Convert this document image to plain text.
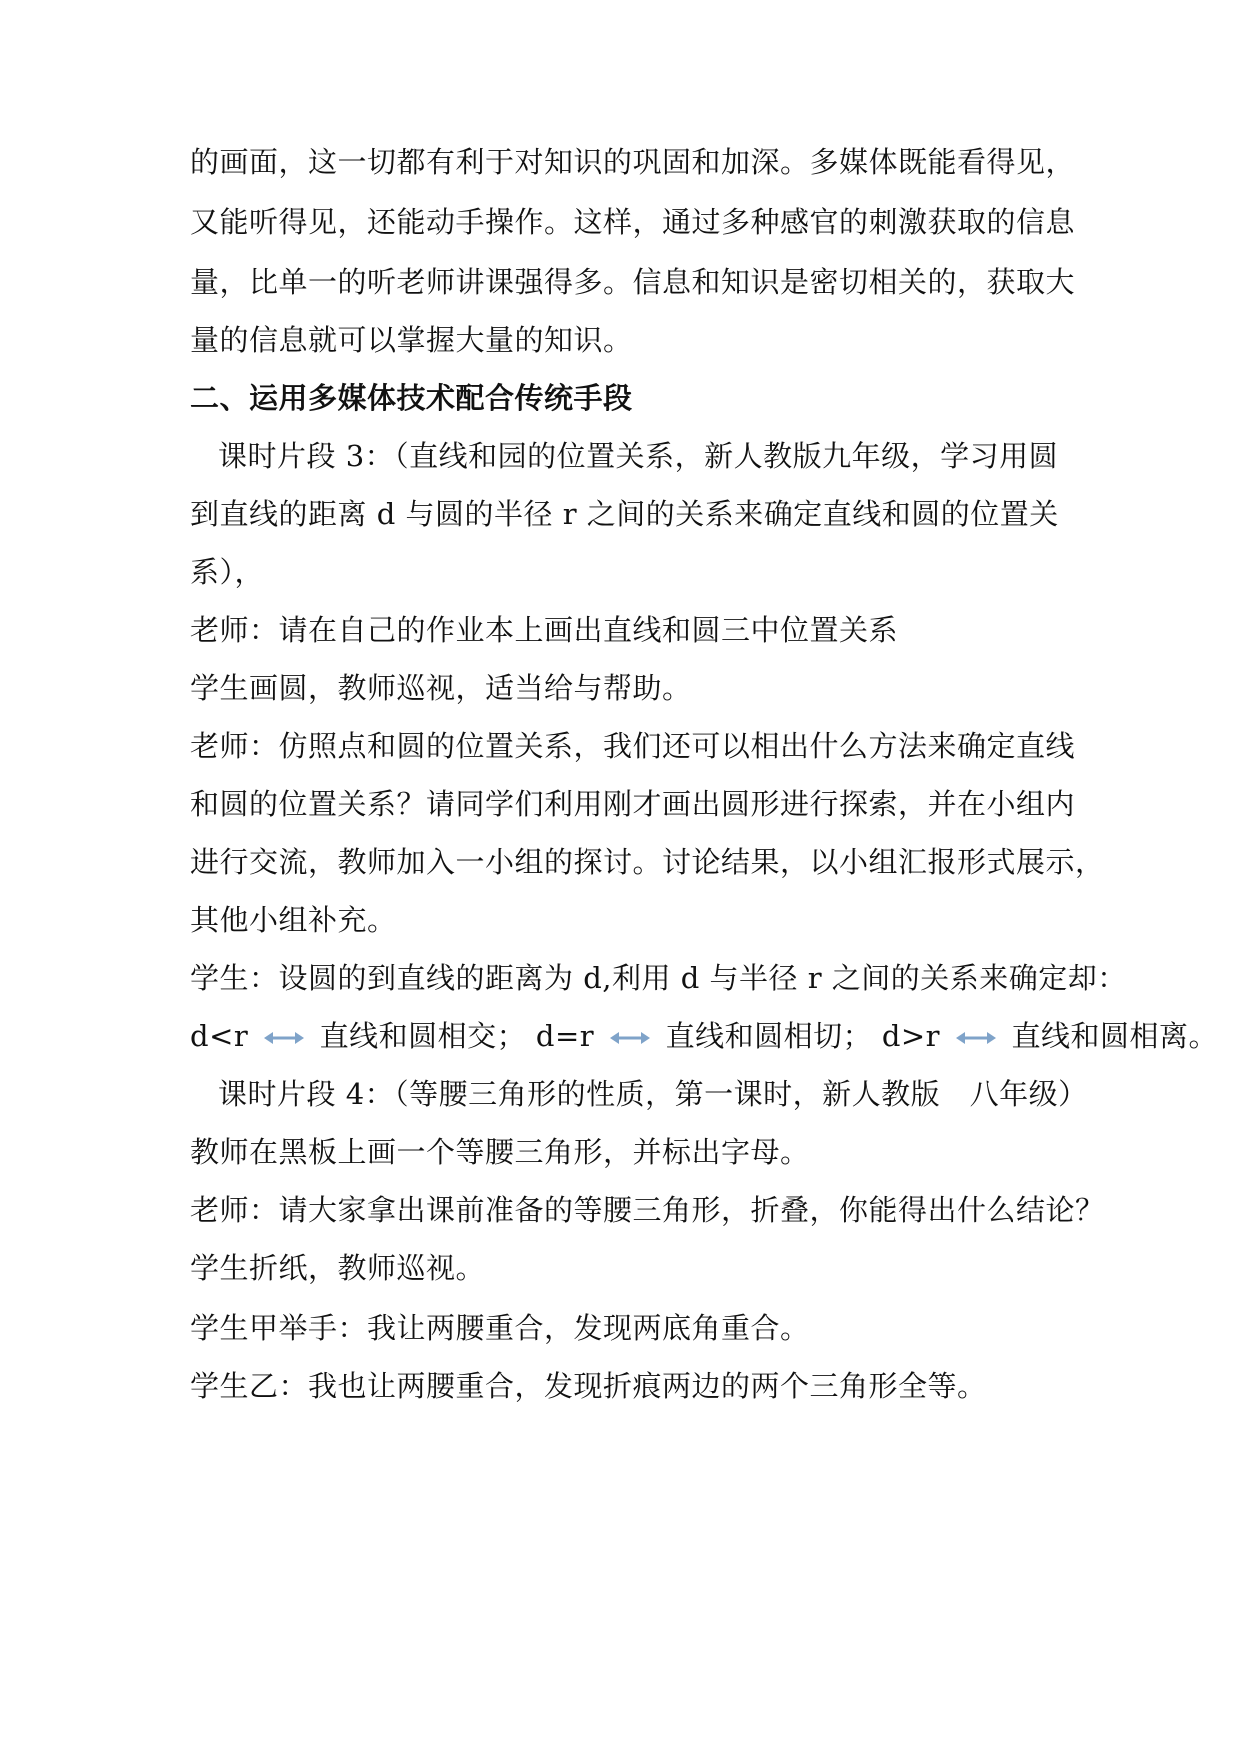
的画面，这一切都有利于对知识的巩固和加深。多媒体既能看得见，
又能听得见，还能动手操作。这样，通过多种感官的刺激获取的信息
量，比单一的听老师讲课强得多。信息和知识是密切相关的，获取大
量的信息就可以掌握大量的知识。
二、运用多媒体技术配合传统手段
课时片段 3：（直线和园的位置关系，新人教版九年级，学习用圆
到直线的距离 d 与圆的半径 r 之间的关系来确定直线和圆的位置关
系），
老师：请在自己的作业本上画出直线和圆三中位置关系
学生画圆，教师巡视，适当给与帮助。
老师：仿照点和圆的位置关系，我们还可以相出什么方法来确定直线
和圆的位置关系？请同学们利用刚才画出圆形进行探索，并在小组内
进行交流，教师加入一小组的探讨。讨论结果，以小组汇报形式展示，
其他小组补充。
学生：设圆的到直线的距离为 d,利用 d 与半径 r 之间的关系来确定却：
d<r 直线和圆相交； d=r 直线和圆相切； d>r 直线和圆相离。
课时片段 4：（等腰三角形的性质，第一课时，新人教版　八年级）
教师在黑板上画一个等腰三角形，并标出字母。
老师：请大家拿出课前准备的等腰三角形，折叠，你能得出什么结论？
学生折纸，教师巡视。
学生甲举手：我让两腰重合，发现两底角重合。
学生乙：我也让两腰重合，发现折痕两边的两个三角形全等。
